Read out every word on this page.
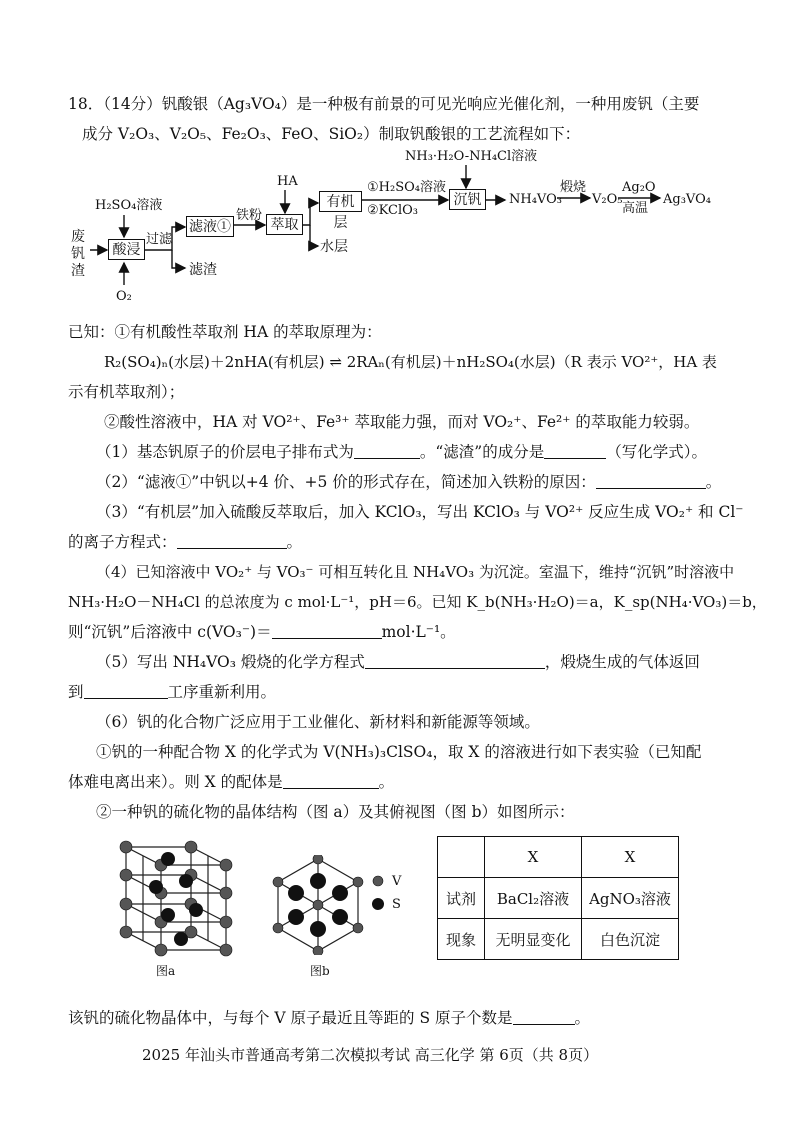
18．（14分）钒酸银（Ag₃VO₄）是一种极有前景的可见光响应光催化剂，一种用废钒（主要
成分 V₂O₃、V₂O₅、Fe₂O₃、FeO、SiO₂）制取钒酸银的工艺流程如下：
废钒渣
H₂SO₄溶液
酸浸
O₂
过滤
滤液①
滤渣
铁粉
HA
萃取
有机层
水层
①H₂SO₄溶液
②KClO₃
NH₃·H₂O-NH₄Cl溶液
沉钒	NH₄VO₃
煅烧
V₂O₅
Ag₂O
高温
Ag₃VO₄
已知：①有机酸性萃取剂 HA 的萃取原理为：
R₂(SO₄)ₙ(水层)＋2nHA(有机层) ⇌ 2RAₙ(有机层)＋nH₂SO₄(水层)（R 表示 VO²⁺，HA 表
示有机萃取剂）；
②酸性溶液中，HA 对 VO²⁺、Fe³⁺ 萃取能力强，而对 VO₂⁺、Fe²⁺ 的萃取能力较弱。
（1）基态钒原子的价层电子排布式为	。“滤渣”的成分是	（写化学式）。
（2）“滤液①”中钒以+4 价、+5 价的形式存在，简述加入铁粉的原因：	。
（3）“有机层”加入硫酸反萃取后，加入 KClO₃，写出 KClO₃ 与 VO²⁺ 反应生成 VO₂⁺ 和 Cl⁻
的离子方程式：	。
（4）已知溶液中 VO₂⁺ 与 VO₃⁻ 可相互转化且 NH₄VO₃ 为沉淀。室温下，维持“沉钒”时溶液中
NH₃·H₂O－NH₄Cl 的总浓度为 c mol·L⁻¹，pH＝6。已知 K_b(NH₃·H₂O)＝a，K_sp(NH₄·VO₃)＝b，
则“沉钒”后溶液中 c(VO₃⁻)＝	mol·L⁻¹。
（5）写出 NH₄VO₃ 煅烧的化学方程式	，煅烧生成的气体返回
到	工序重新利用。
（6）钒的化合物广泛应用于工业催化、新材料和新能源等领域。
①钒的一种配合物 X 的化学式为 V(NH₃)₃ClSO₄，取 X 的溶液进行如下表实验（已知配
体难电离出来）。则 X 的配体是	。
②一种钒的硫化物的晶体结构（图 a）及其俯视图（图 b）如图所示：
图a	图b
V
S
	X	X
试剂	BaCl₂溶液	AgNO₃溶液
现象	无明显变化	白色沉淀
该钒的硫化物晶体中，与每个 V 原子最近且等距的 S 原子个数是	。
2025 年汕头市普通高考第二次模拟考试 高三化学 第 6页（共 8页）
